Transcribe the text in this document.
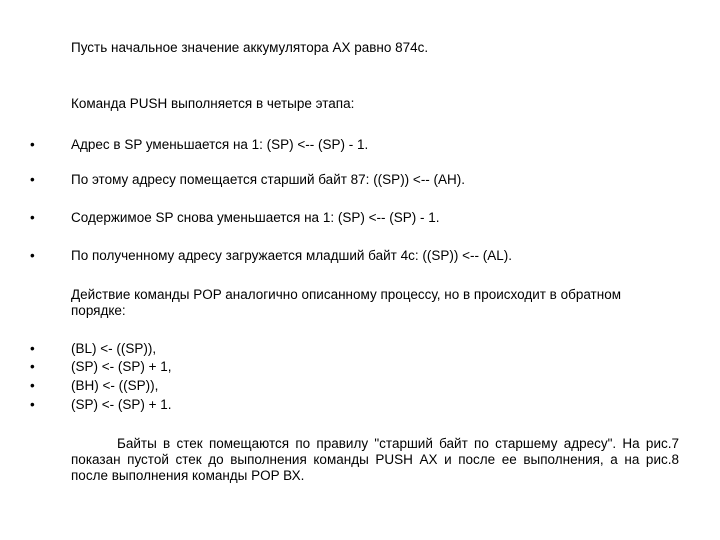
Пусть начальное значение аккумулятора АХ равно 874с.

Команда PUSH выполняется в четыре этапа:

•	Адрес в SP уменьшается на 1: (SP) <-- (SP) - 1.

•	По этому адресу помещается старший байт 87: ((SP)) <-- (АН).

•	Содержимое SP снова уменьшается на 1: (SP) <-- (SP) - 1.

•	По полученному адресу загружается младший байт 4с: ((SP)) <-- (AL).

Действие команды POP аналогично описанному процессу, но в происходит в обратном порядке:

•	(BL) <- ((SP)),

•	(SP) <- (SP) + 1,

•	(BH) <- ((SP)),

•	(SP) <- (SP) + 1.

Байты в стек помещаются по правилу "старший байт по старшему адресу". На рис.7 показан пустой стек до выполнения команды PUSH АХ и после ее выполнения, а на рис.8 после выполнения команды POP ВХ.
